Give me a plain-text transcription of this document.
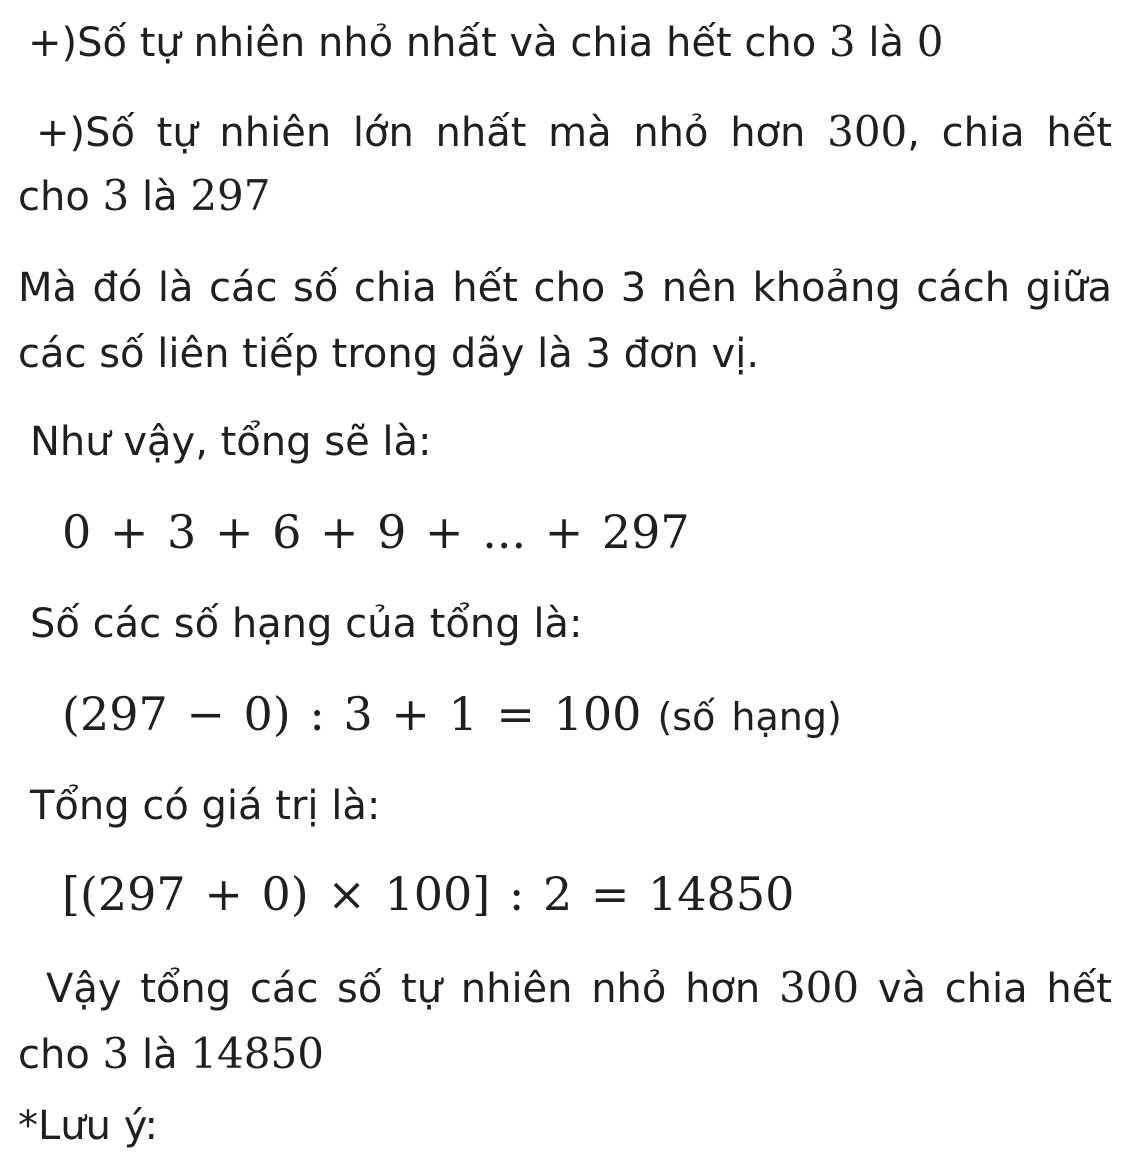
+)Số tự nhiên nhỏ nhất và chia hết cho 3 là 0
+)Số tự nhiên lớn nhất mà nhỏ hơn 300, chia hết
cho 3 là 297
Mà đó là các số chia hết cho 3 nên khoảng cách giữa
các số liên tiếp trong dãy là 3 đơn vị.
Như vậy, tổng sẽ là:
0 + 3 + 6 + 9 + ... + 297
Số các số hạng của tổng là:
(297 − 0) : 3 + 1 = 100 (số hạng)
Tổng có giá trị là:
[(297 + 0) × 100] : 2 = 14850
Vậy tổng các số tự nhiên nhỏ hơn 300 và chia hết
cho 3 là 14850
*Lưu ý:
